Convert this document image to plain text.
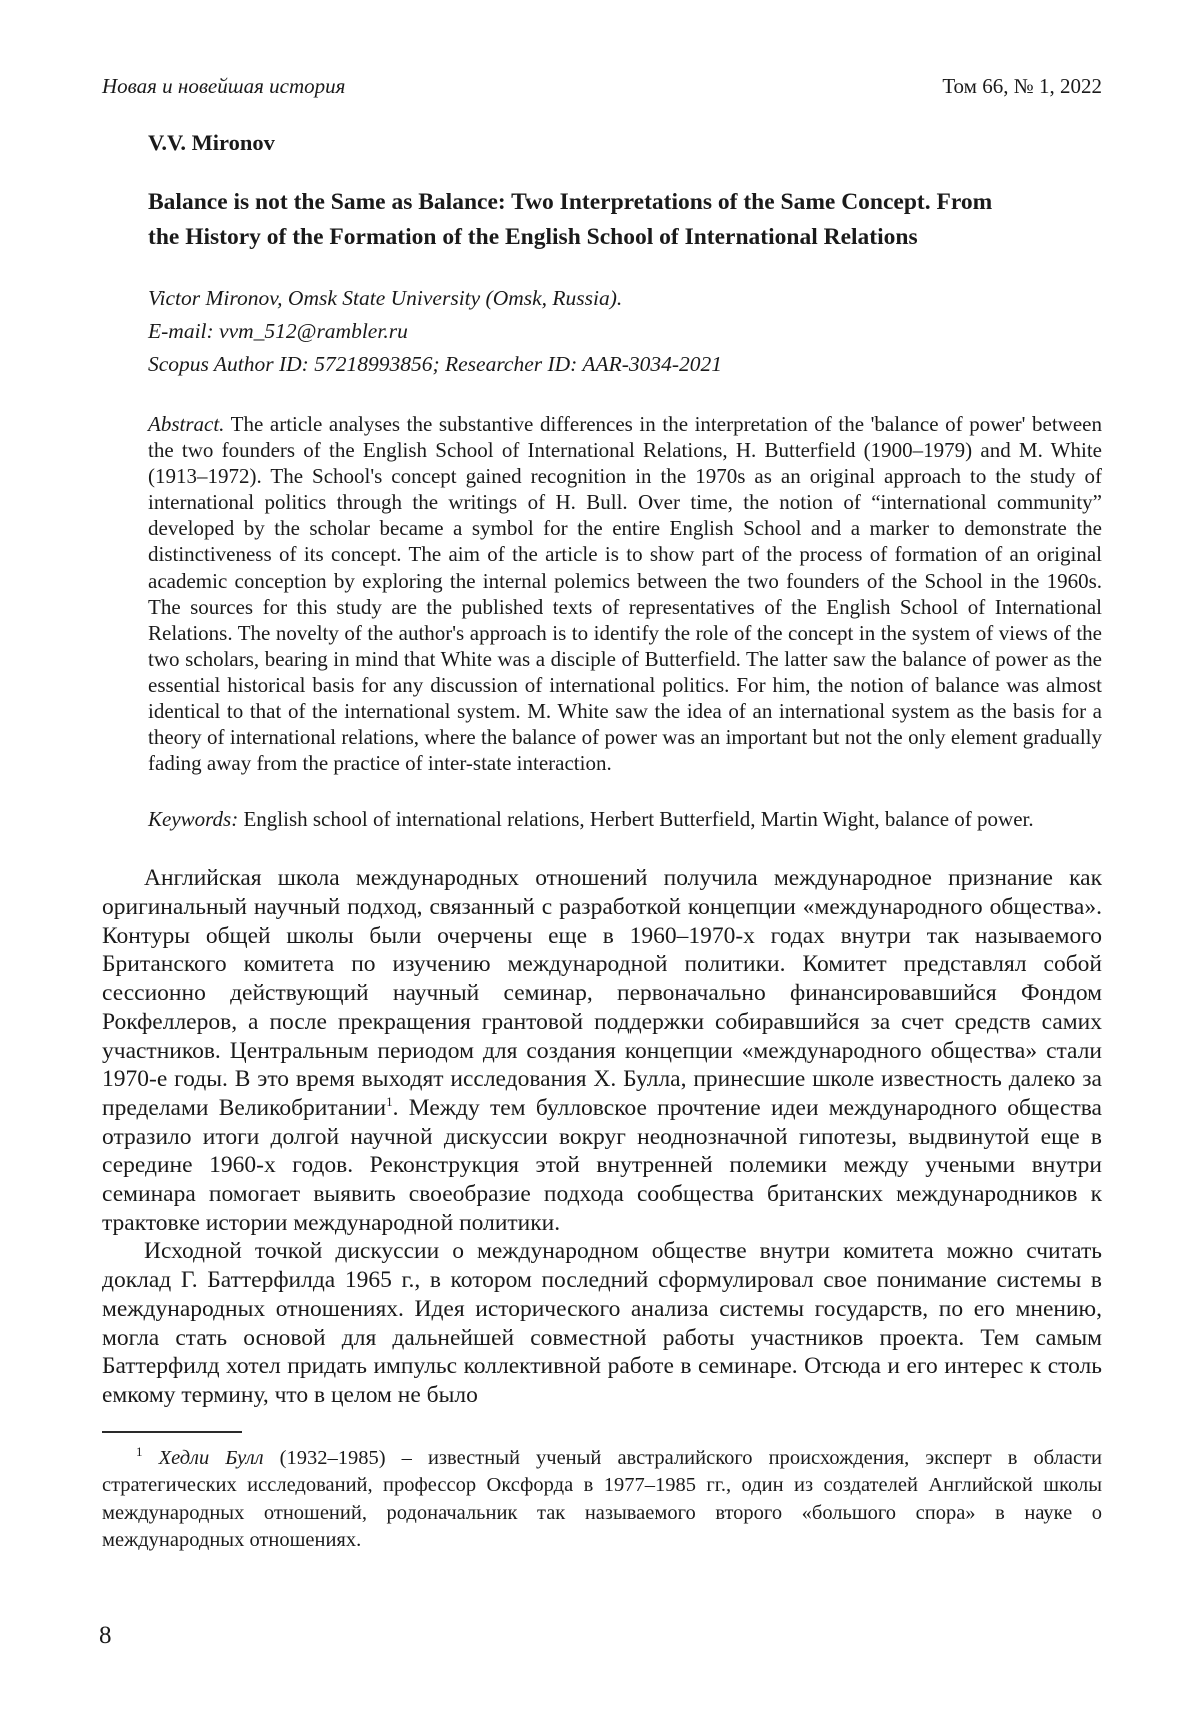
Новая и новейшая история	Том 66, № 1, 2022
V.V. Mironov
Balance is not the Same as Balance: Two Interpretations of the Same Concept. From
the History of the Formation of the English School of International Relations
Victor Mironov, Omsk State University (Omsk, Russia).
E-mail: vvm_512@rambler.ru
Scopus Author ID: 57218993856; Researcher ID: AAR-3034-2021
Abstract. The article analyses the substantive differences in the interpretation of the 'balance of power' between the two founders of the English School of International Relations, H. Butterfield (1900–1979) and M. White (1913–1972). The School's concept gained recognition in the 1970s as an original approach to the study of international politics through the writings of H. Bull. Over time, the notion of “international community” developed by the scholar became a symbol for the entire English School and a marker to demonstrate the distinctiveness of its concept. The aim of the article is to show part of the process of formation of an original academic conception by exploring the internal polemics between the two founders of the School in the 1960s. The sources for this study are the published texts of representatives of the English School of International Relations. The novelty of the author's approach is to identify the role of the concept in the system of views of the two scholars, bearing in mind that White was a disciple of Butterfield. The latter saw the balance of power as the essential historical basis for any discussion of international politics. For him, the notion of balance was almost identical to that of the international system. M. White saw the idea of an international system as the basis for a theory of international relations, where the balance of power was an important but not the only element gradually fading away from the practice of inter-state interaction.
Keywords: English school of international relations, Herbert Butterfield, Martin Wight, balance of power.

Английская школа международных отношений получила международное признание как оригинальный научный подход, связанный с разработкой концепции «международного общества». Контуры общей школы были очерчены еще в 1960–1970-х годах внутри так называемого Британского комитета по изучению международной политики. Комитет представлял собой сессионно действующий научный семинар, первоначально финансировавшийся Фондом Рокфеллеров, а после прекращения грантовой поддержки собиравшийся за счет средств самих участников. Центральным периодом для создания концепции «международного общества» стали 1970-е годы. В это время выходят исследования Х. Булла, принесшие школе известность далеко за пределами Великобритании$^1$. Между тем булловское прочтение идеи международного общества отразило итоги долгой научной дискуссии вокруг неоднозначной гипотезы, выдвинутой еще в середине 1960-х годов. Реконструкция этой внутренней полемики между учеными внутри семинара помогает выявить своеобразие подхода сообщества британских международников к трактовке истории международной политики.

Исходной точкой дискуссии о международном обществе внутри комитета можно считать доклад Г. Баттерфилда 1965 г., в котором последний сформулировал свое понимание системы в международных отношениях. Идея исторического анализа системы государств, по его мнению, могла стать основой для дальнейшей совместной работы участников проекта. Тем самым Баттерфилд хотел придать импульс коллективной работе в семинаре. Отсюда и его интерес к столь емкому термину, что в целом не было

$^1$ Хедли Булл (1932–1985) – известный ученый австралийского происхождения, эксперт в области стратегических исследований, профессор Оксфорда в 1977–1985 гг., один из создателей Английской школы международных отношений, родоначальник так называемого второго «большого спора» в науке о международных отношениях.

8
